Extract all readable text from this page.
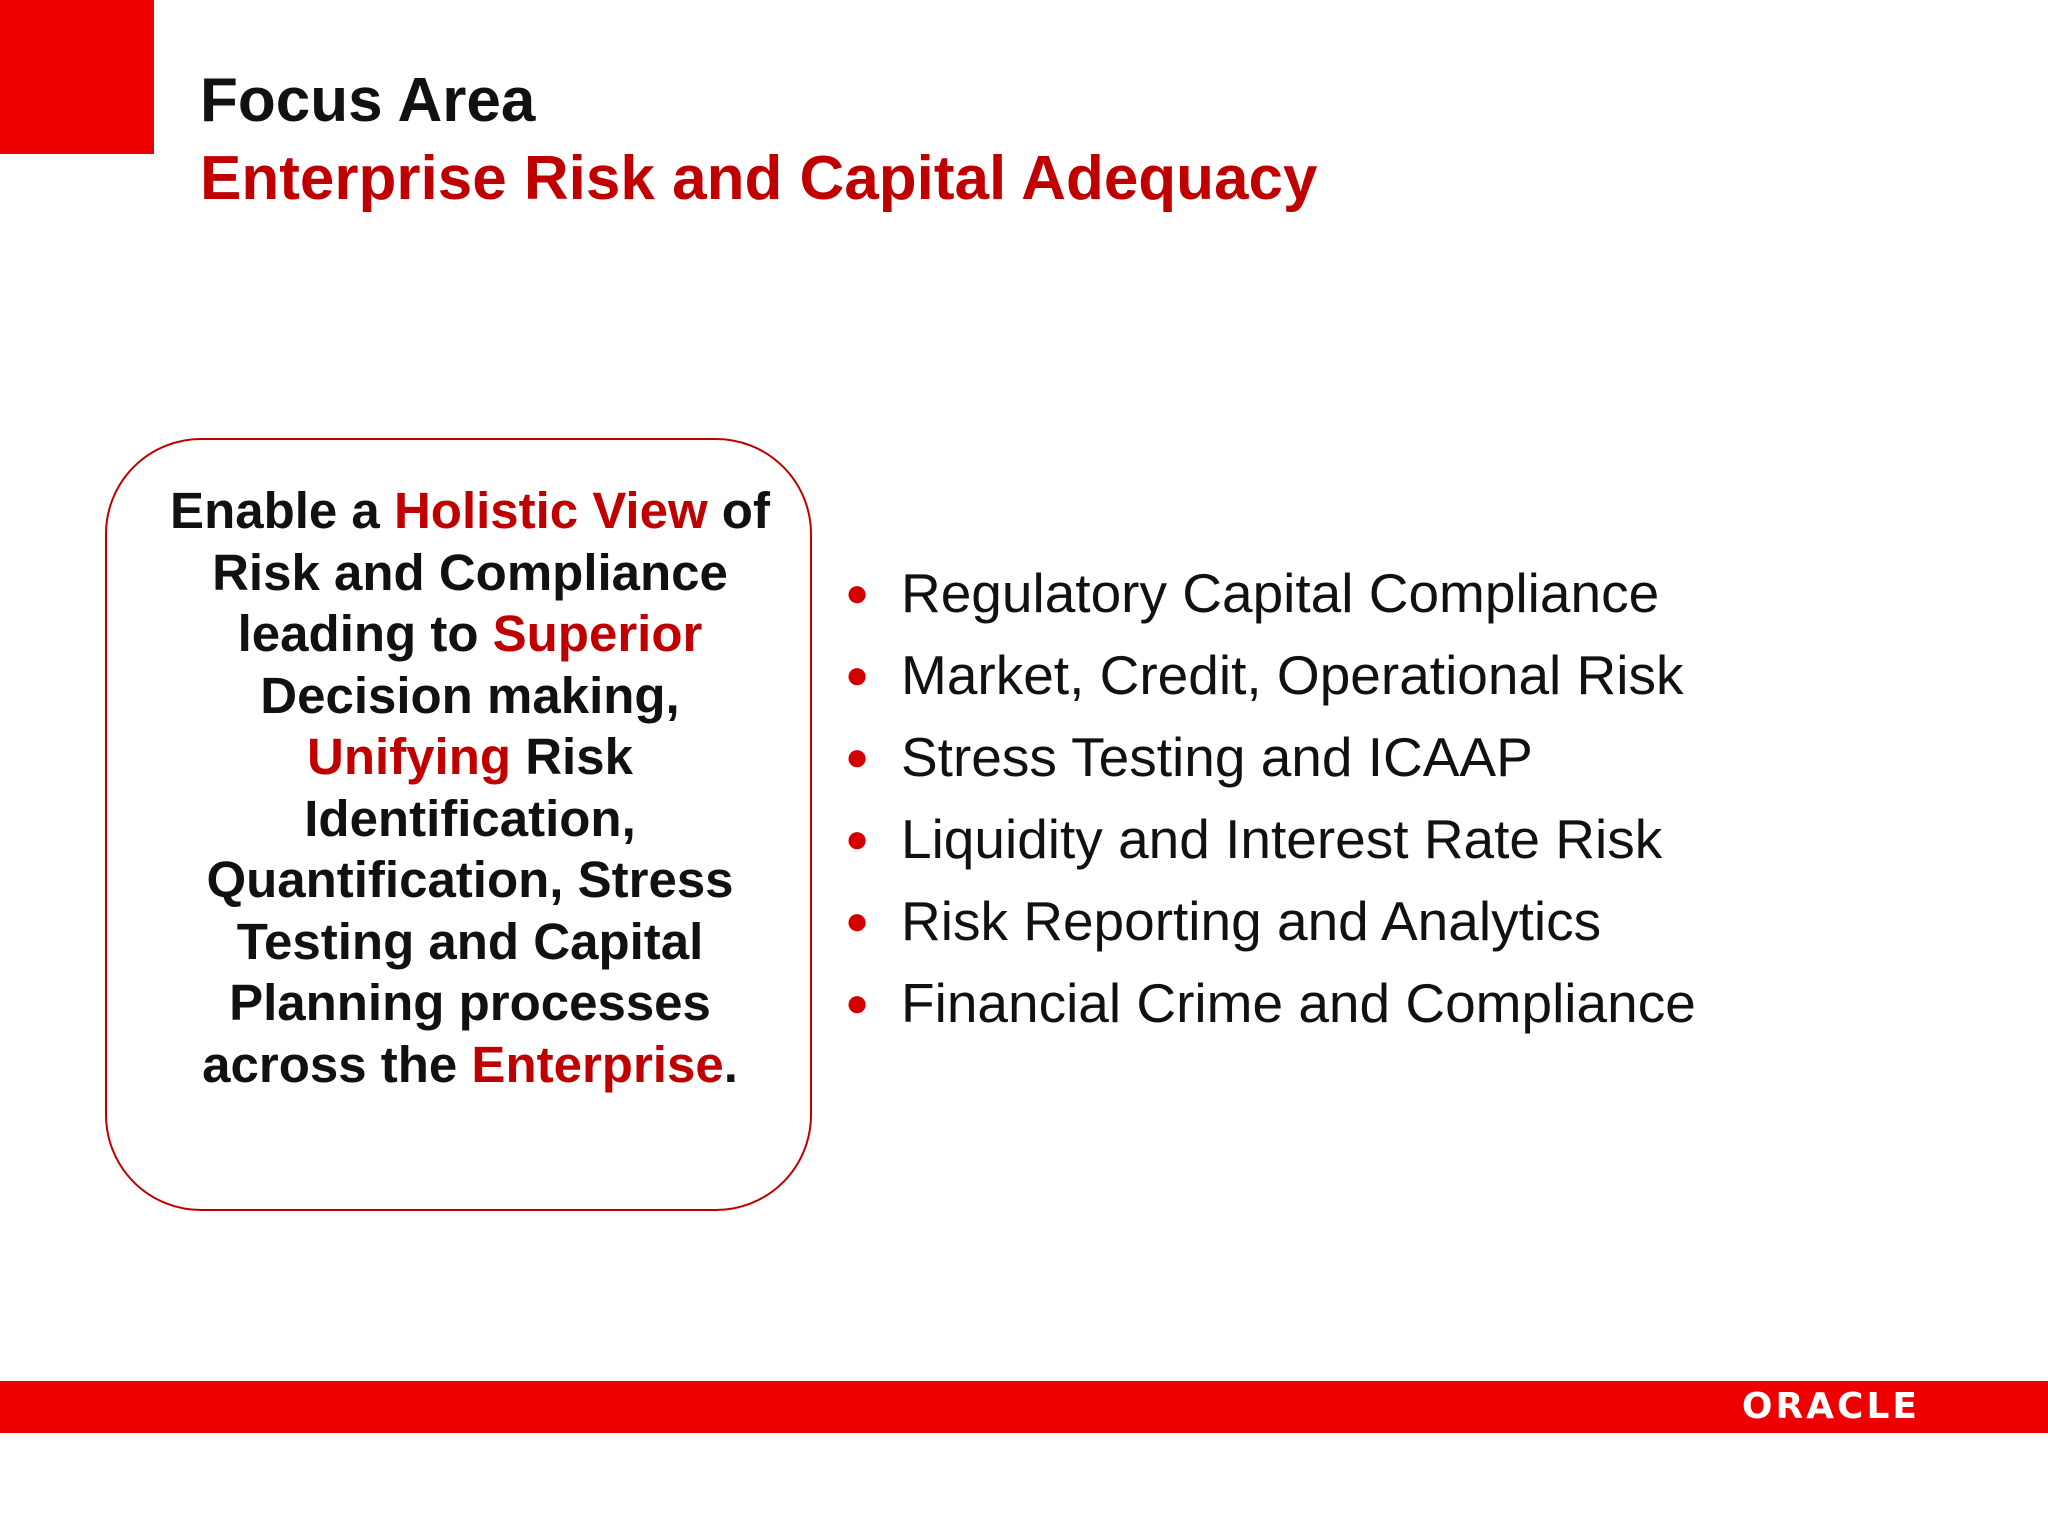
Focus Area
Enterprise Risk and Capital Adequacy
Enable a Holistic View of Risk and Compliance leading to Superior Decision making, Unifying Risk Identification, Quantification, Stress Testing and Capital Planning processes across the Enterprise.
● Regulatory Capital Compliance
● Market, Credit, Operational Risk
● Stress Testing and ICAAP
● Liquidity and Interest Rate Risk
● Risk Reporting and Analytics
● Financial Crime and Compliance
ORACLE
